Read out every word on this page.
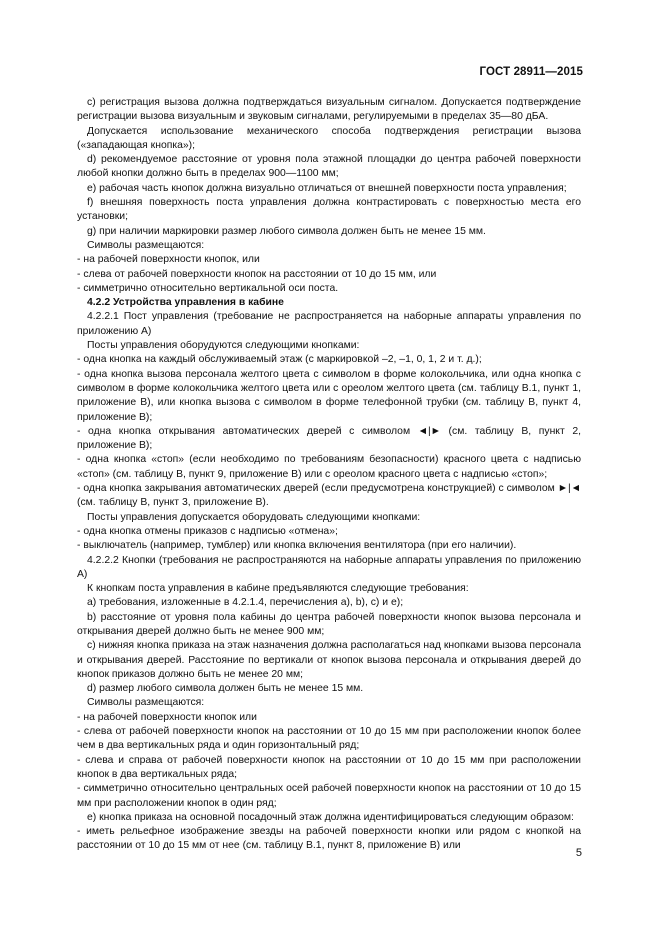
ГОСТ 28911—2015

c) регистрация вызова должна подтверждаться визуальным сигналом. Допускается подтверждение регистрации вызова визуальным и звуковым сигналами, регулируемыми в пределах 35—80 дБА.

Допускается использование механического способа подтверждения регистрации вызова («западающая кнопка»);

d) рекомендуемое расстояние от уровня пола этажной площадки до центра рабочей поверхности любой кнопки должно быть в пределах 900—1100 мм;

e) рабочая часть кнопок должна визуально отличаться от внешней поверхности поста управления;

f) внешняя поверхность поста управления должна контрастировать с поверхностью места его установки;

g) при наличии маркировки размер любого символа должен быть не менее 15 мм.

Символы размещаются:

- на рабочей поверхности кнопок, или

- слева от рабочей поверхности кнопок на расстоянии от 10 до 15 мм, или

- симметрично относительно вертикальной оси поста.

4.2.2 Устройства управления в кабине

4.2.2.1 Пост управления (требование не распространяется на наборные аппараты управления по приложению А)

Посты управления оборудуются следующими кнопками:

- одна кнопка на каждый обслуживаемый этаж (с маркировкой –2, –1, 0, 1, 2 и т. д.);

- одна кнопка вызова персонала желтого цвета с символом в форме колокольчика, или одна кнопка с символом в форме колокольчика желтого цвета или с ореолом желтого цвета (см. таблицу В.1, пункт 1, приложение В), или кнопка вызова с символом в форме телефонной трубки (см. таблицу В, пункт 4, приложение В);

- одна кнопка открывания автоматических дверей с символом ◄|► (см. таблицу В, пункт 2, приложение В);

- одна кнопка «стоп» (если необходимо по требованиям безопасности) красного цвета с надписью «стоп» (см. таблицу В, пункт 9, приложение В) или с ореолом красного цвета с надписью «стоп»;

- одна кнопка закрывания автоматических дверей (если предусмотрена конструкцией) с символом ►|◄ (см. таблицу В, пункт 3, приложение В).

Посты управления допускается оборудовать следующими кнопками:

- одна кнопка отмены приказов с надписью «отмена»;

- выключатель (например, тумблер) или кнопка включения вентилятора (при его наличии).

4.2.2.2 Кнопки (требования не распространяются на наборные аппараты управления по приложению А)

К кнопкам поста управления в кабине предъявляются следующие требования:

a) требования, изложенные в 4.2.1.4, перечисления a), b), c) и e);

b) расстояние от уровня пола кабины до центра рабочей поверхности кнопок вызова персонала и открывания дверей должно быть не менее 900 мм;

c) нижняя кнопка приказа на этаж назначения должна располагаться над кнопками вызова персонала и открывания дверей. Расстояние по вертикали от кнопок вызова персонала и открывания дверей до кнопок приказов должно быть не менее 20 мм;

d) размер любого символа должен быть не менее 15 мм.

Символы размещаются:

- на рабочей поверхности кнопок или

- слева от рабочей поверхности кнопок на расстоянии от 10 до 15 мм при расположении кнопок более чем в два вертикальных ряда и один горизонтальный ряд;

- слева и справа от рабочей поверхности кнопок на расстоянии от 10 до 15 мм при расположении кнопок в два вертикальных ряда;

- симметрично относительно центральных осей рабочей поверхности кнопок на расстоянии от 10 до 15 мм при расположении кнопок в один ряд;

e) кнопка приказа на основной посадочный этаж должна идентифицироваться следующим образом:

- иметь рельефное изображение звезды на рабочей поверхности кнопки или рядом с кнопкой на расстоянии от 10 до 15 мм от нее (см. таблицу В.1, пункт 8, приложение В) или

5
